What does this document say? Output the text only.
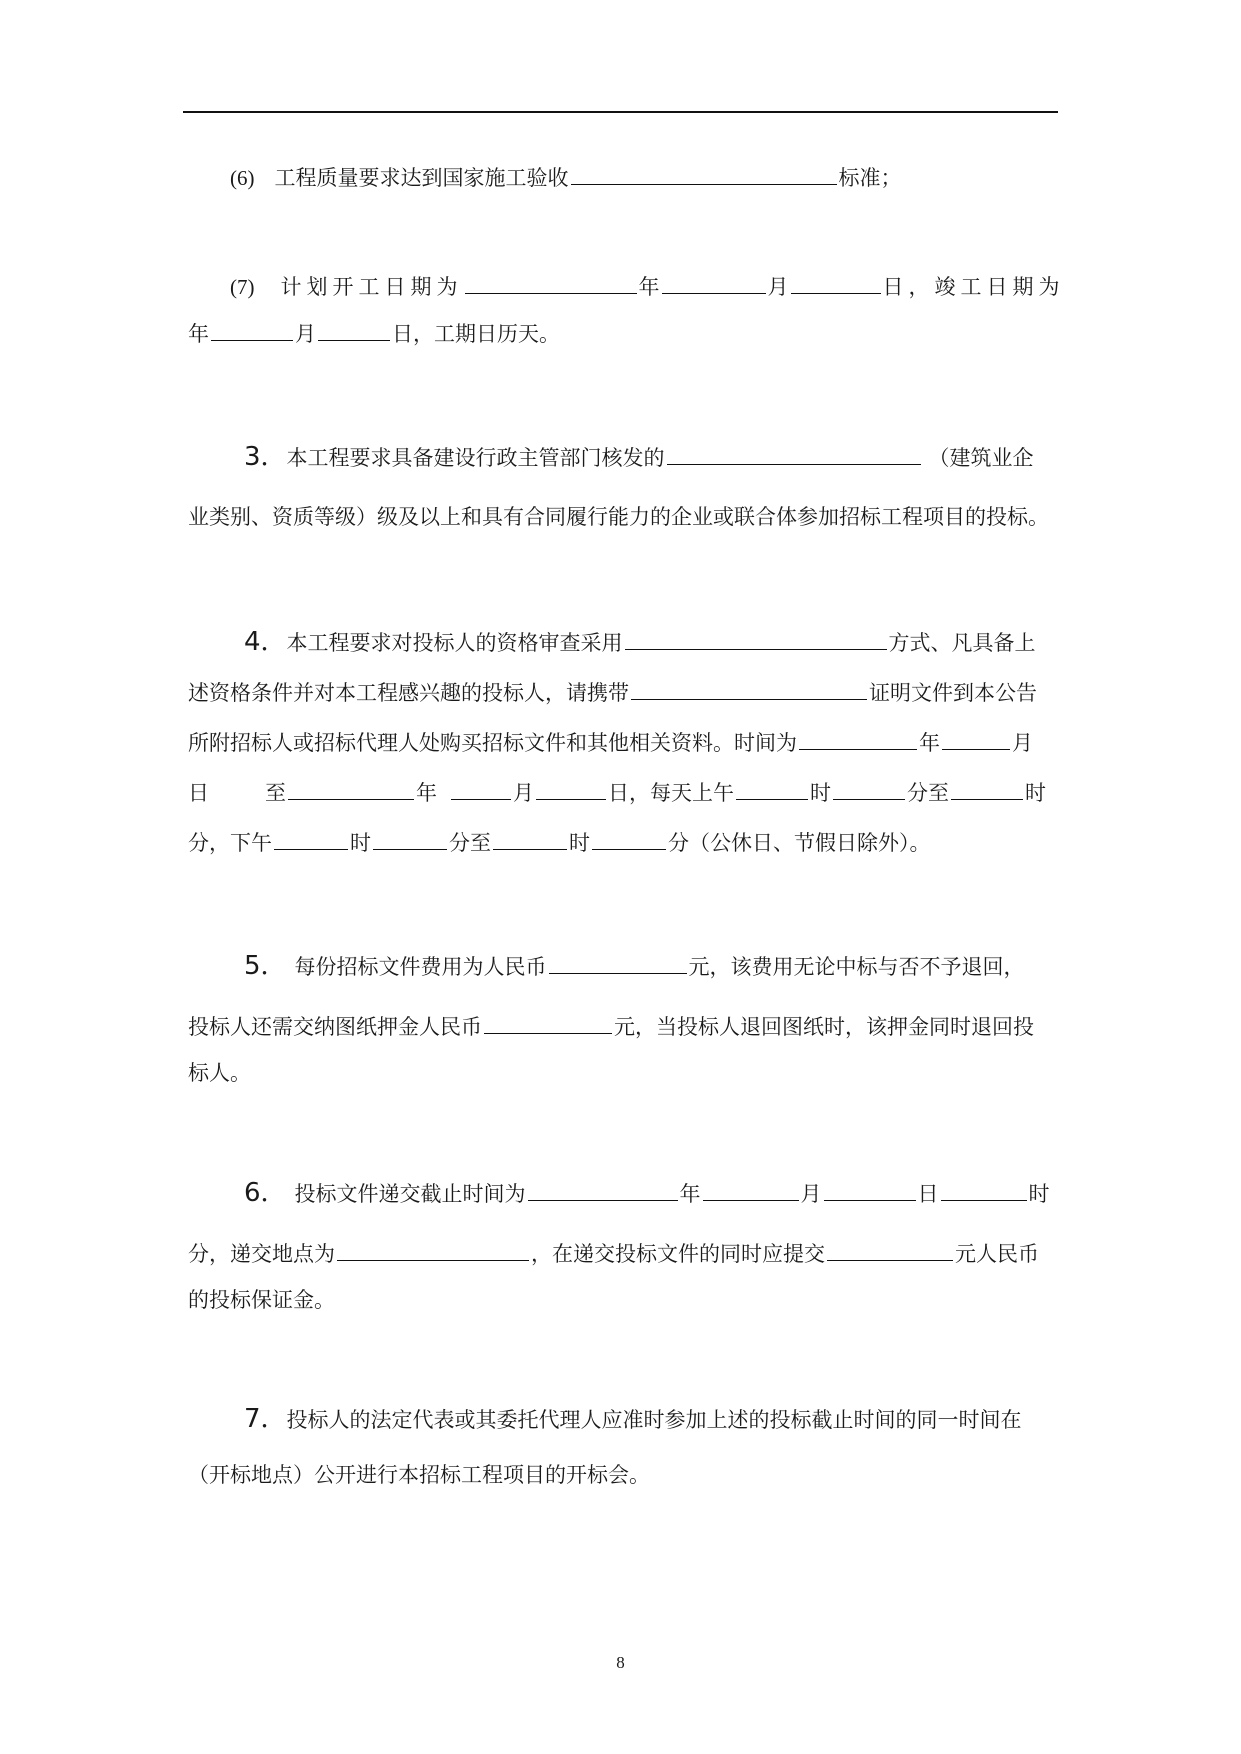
(6) 工程质量要求达到国家施工验收	标准；
(7) 计划开工日期为	年	月	日，竣工日期为
年	月	日，工期日历天。
3．本工程要求具备建设行政主管部门核发的	（建筑业企
业类别、资质等级）级及以上和具有合同履行能力的企业或联合体参加招标工程项目的投标。
4．本工程要求对投标人的资格审查采用	方式、凡具备上
述资格条件并对本工程感兴趣的投标人，请携带	证明文件到本公告
所附招标人或招标代理人处购买招标文件和其他相关资料。时间为	年	月
日	至	年	月	日，每天上午	时	分至	时
分，下午	时	分至	时	分（公休日、节假日除外）。
5． 每份招标文件费用为人民币	元，该费用无论中标与否不予退回，
投标人还需交纳图纸押金人民币	元，当投标人退回图纸时，该押金同时退回投
标人。
6． 投标文件递交截止时间为	年	月	日	时
分，递交地点为	，在递交投标文件的同时应提交	元人民币
的投标保证金。
7．投标人的法定代表或其委托代理人应准时参加上述的投标截止时间的同一时间在
（开标地点）公开进行本招标工程项目的开标会。
8
